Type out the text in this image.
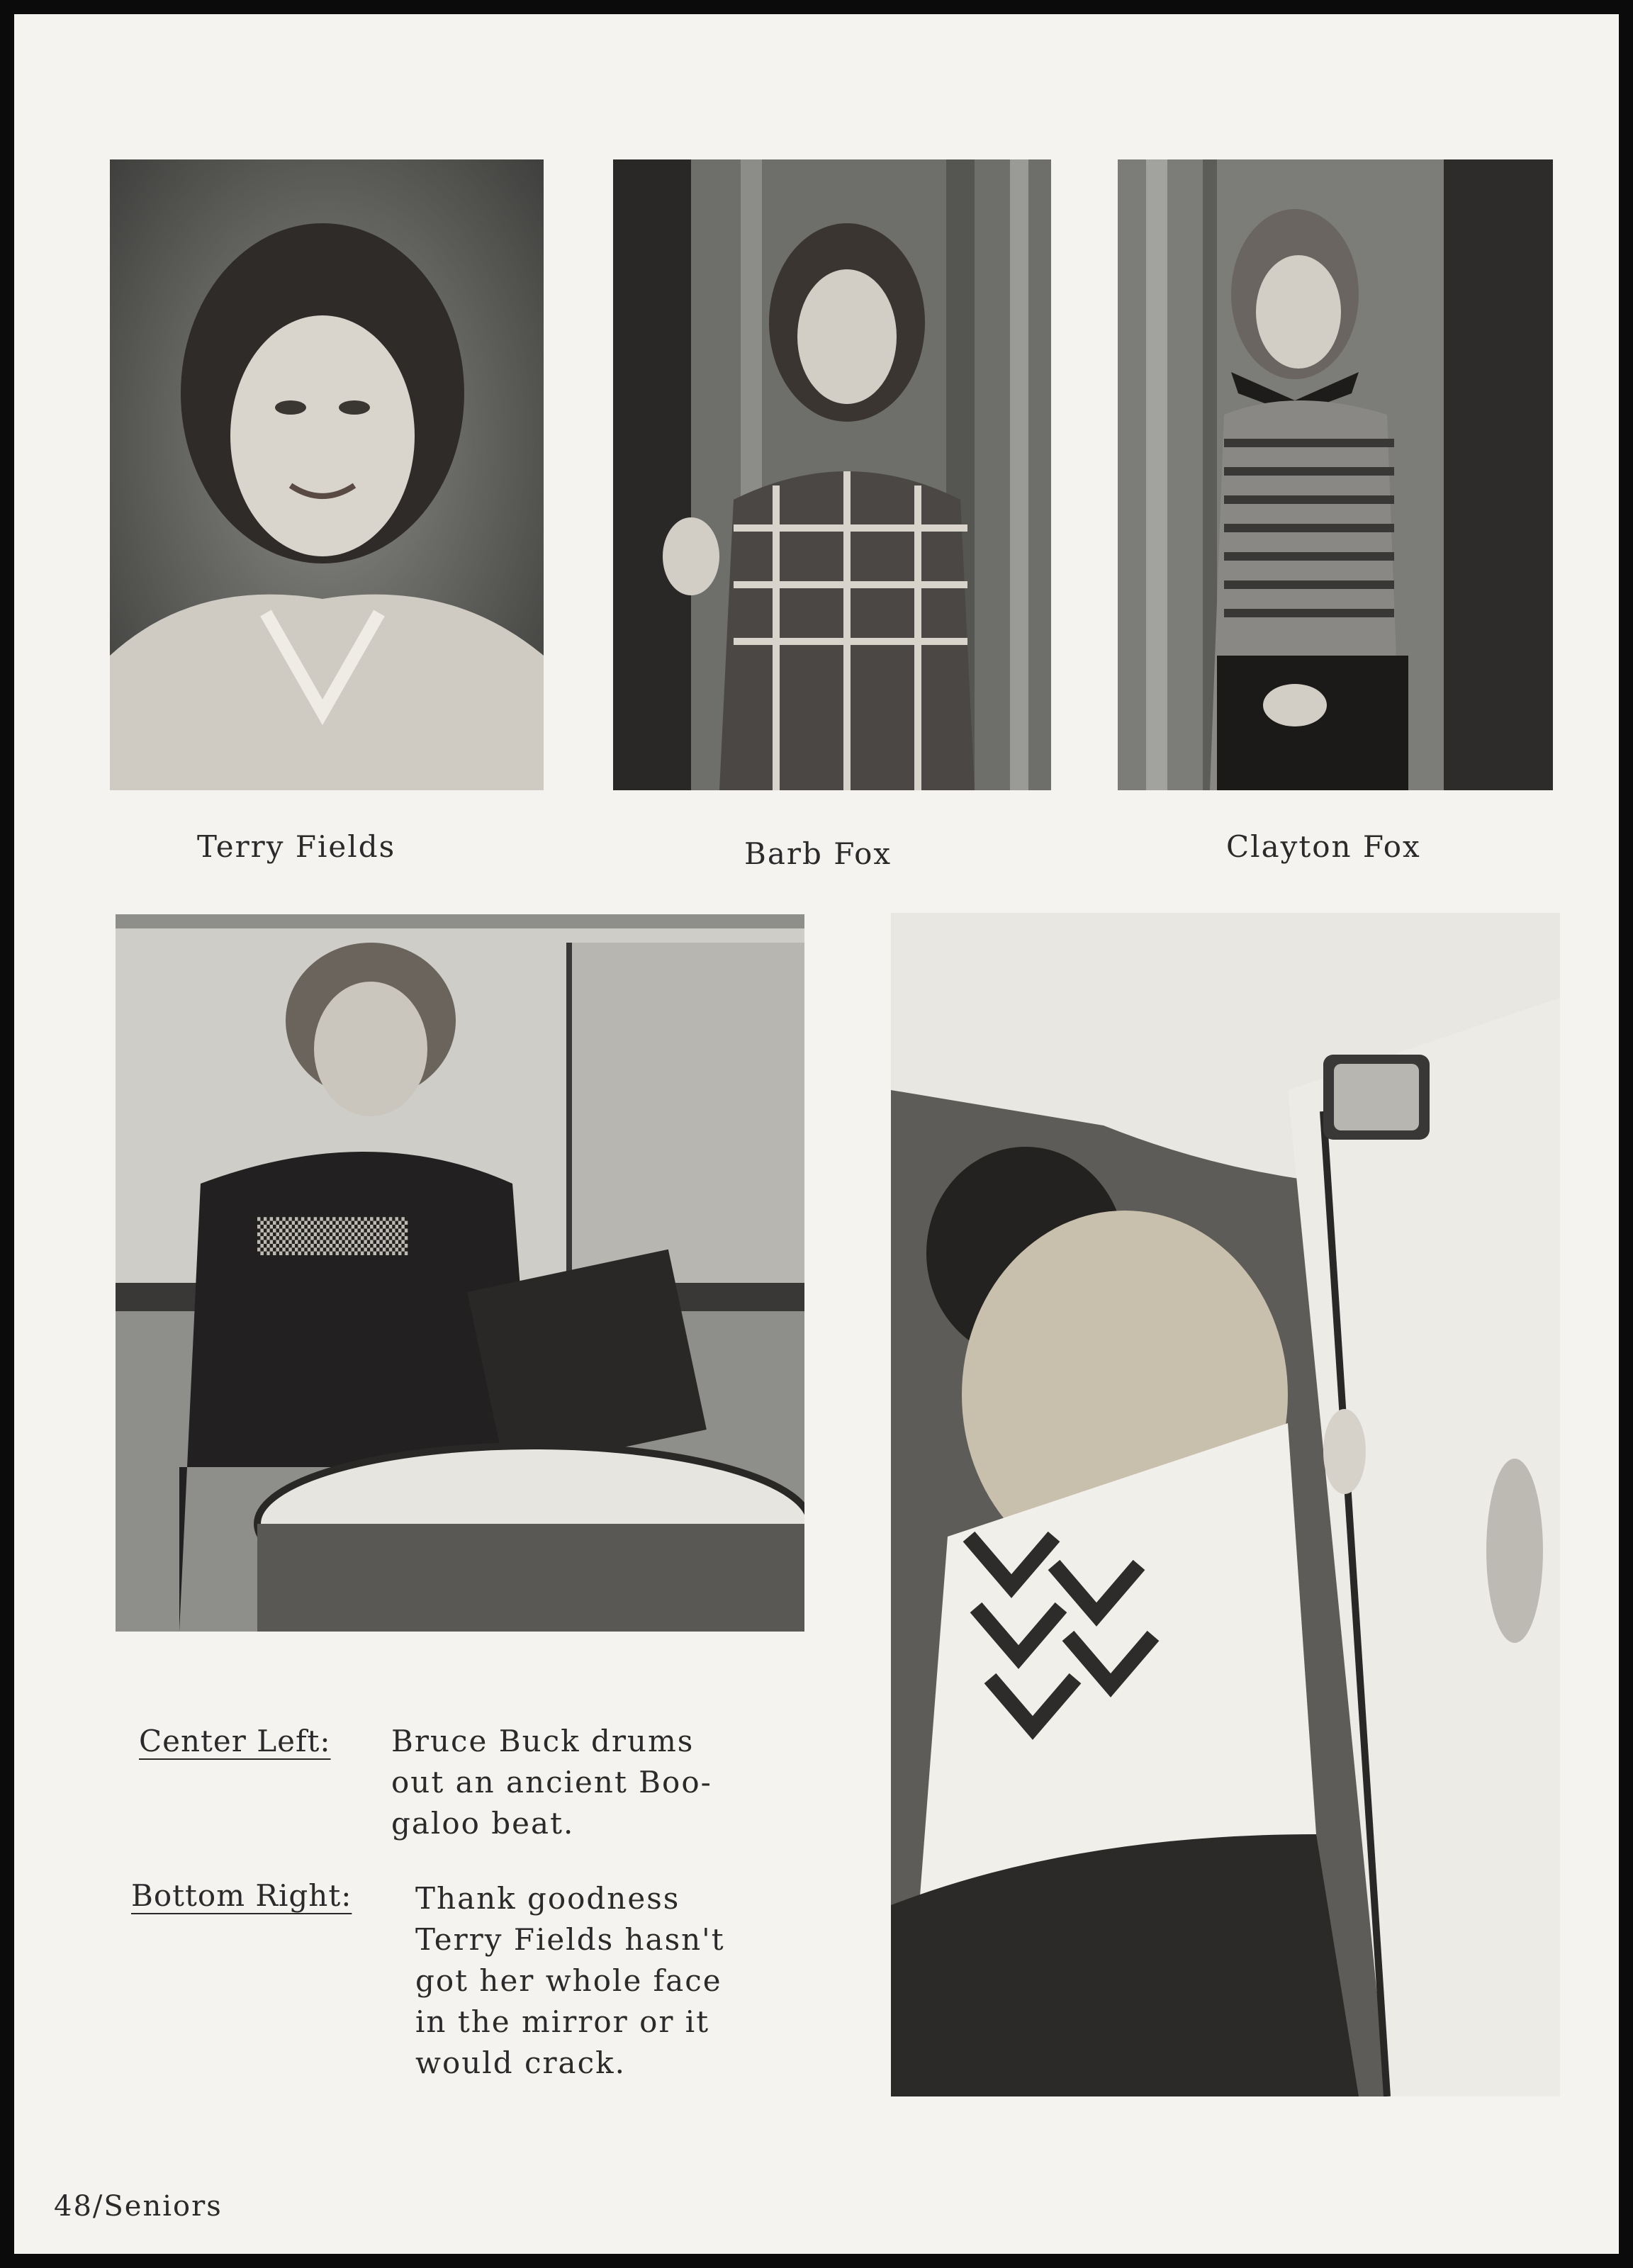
Terry Fields	Barb Fox	Clayton Fox
▒▒▒▒▒▒
Center Left: Bruce Buck drums
out an ancient Boo-
galoo beat.
Bottom Right: Thank goodness
Terry Fields hasn't
got her whole face
in the mirror or it
would crack.
48/Seniors
